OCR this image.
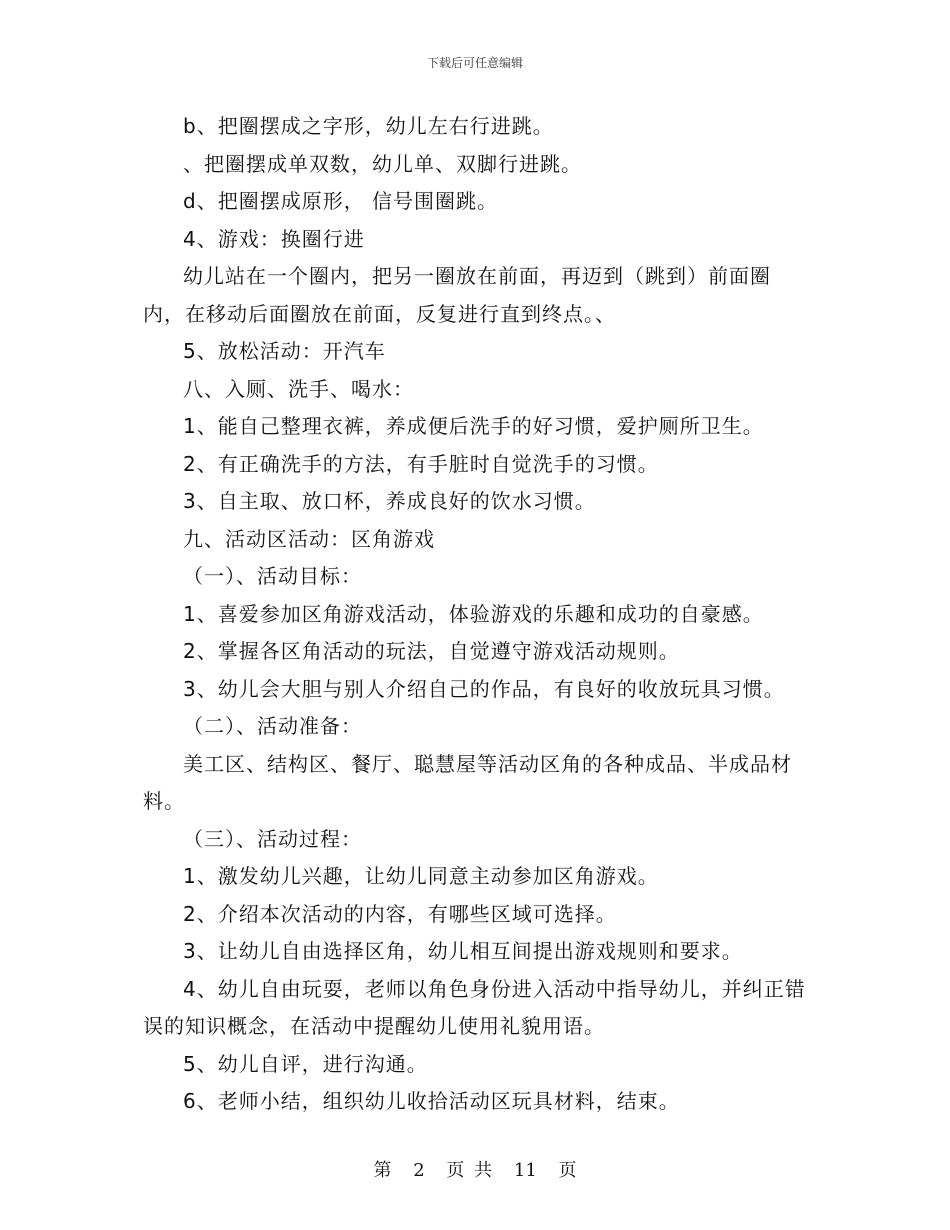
下载后可任意编辑

b、把圈摆成之字形，幼儿左右行进跳。

、把圈摆成单双数，幼儿单、双脚行进跳。

d、把圈摆成原形， 信号围圈跳。

4、游戏：换圈行进

幼儿站在一个圈内，把另一圈放在前面，再迈到（跳到）前面圈内，在移动后面圈放在前面，反复进行直到终点。、

5、放松活动：开汽车

八、入厕、洗手、喝水：

1、能自己整理衣裤，养成便后洗手的好习惯，爱护厕所卫生。

2、有正确洗手的方法，有手脏时自觉洗手的习惯。

3、自主取、放口杯，养成良好的饮水习惯。

九、活动区活动：区角游戏

（一）、活动目标：

1、喜爱参加区角游戏活动，体验游戏的乐趣和成功的自豪感。

2、掌握各区角活动的玩法，自觉遵守游戏活动规则。

3、幼儿会大胆与别人介绍自己的作品，有良好的收放玩具习惯。

（二）、活动准备：

美工区、结构区、餐厅、聪慧屋等活动区角的各种成品、半成品材料。

（三）、活动过程：

1、激发幼儿兴趣，让幼儿同意主动参加区角游戏。

2、介绍本次活动的内容，有哪些区域可选择。

3、让幼儿自由选择区角，幼儿相互间提出游戏规则和要求。

4、幼儿自由玩耍，老师以角色身份进入活动中指导幼儿，并纠正错误的知识概念，在活动中提醒幼儿使用礼貌用语。

5、幼儿自评，进行沟通。

6、老师小结，组织幼儿收拾活动区玩具材料，结束。

第 2 页 共 11 页
